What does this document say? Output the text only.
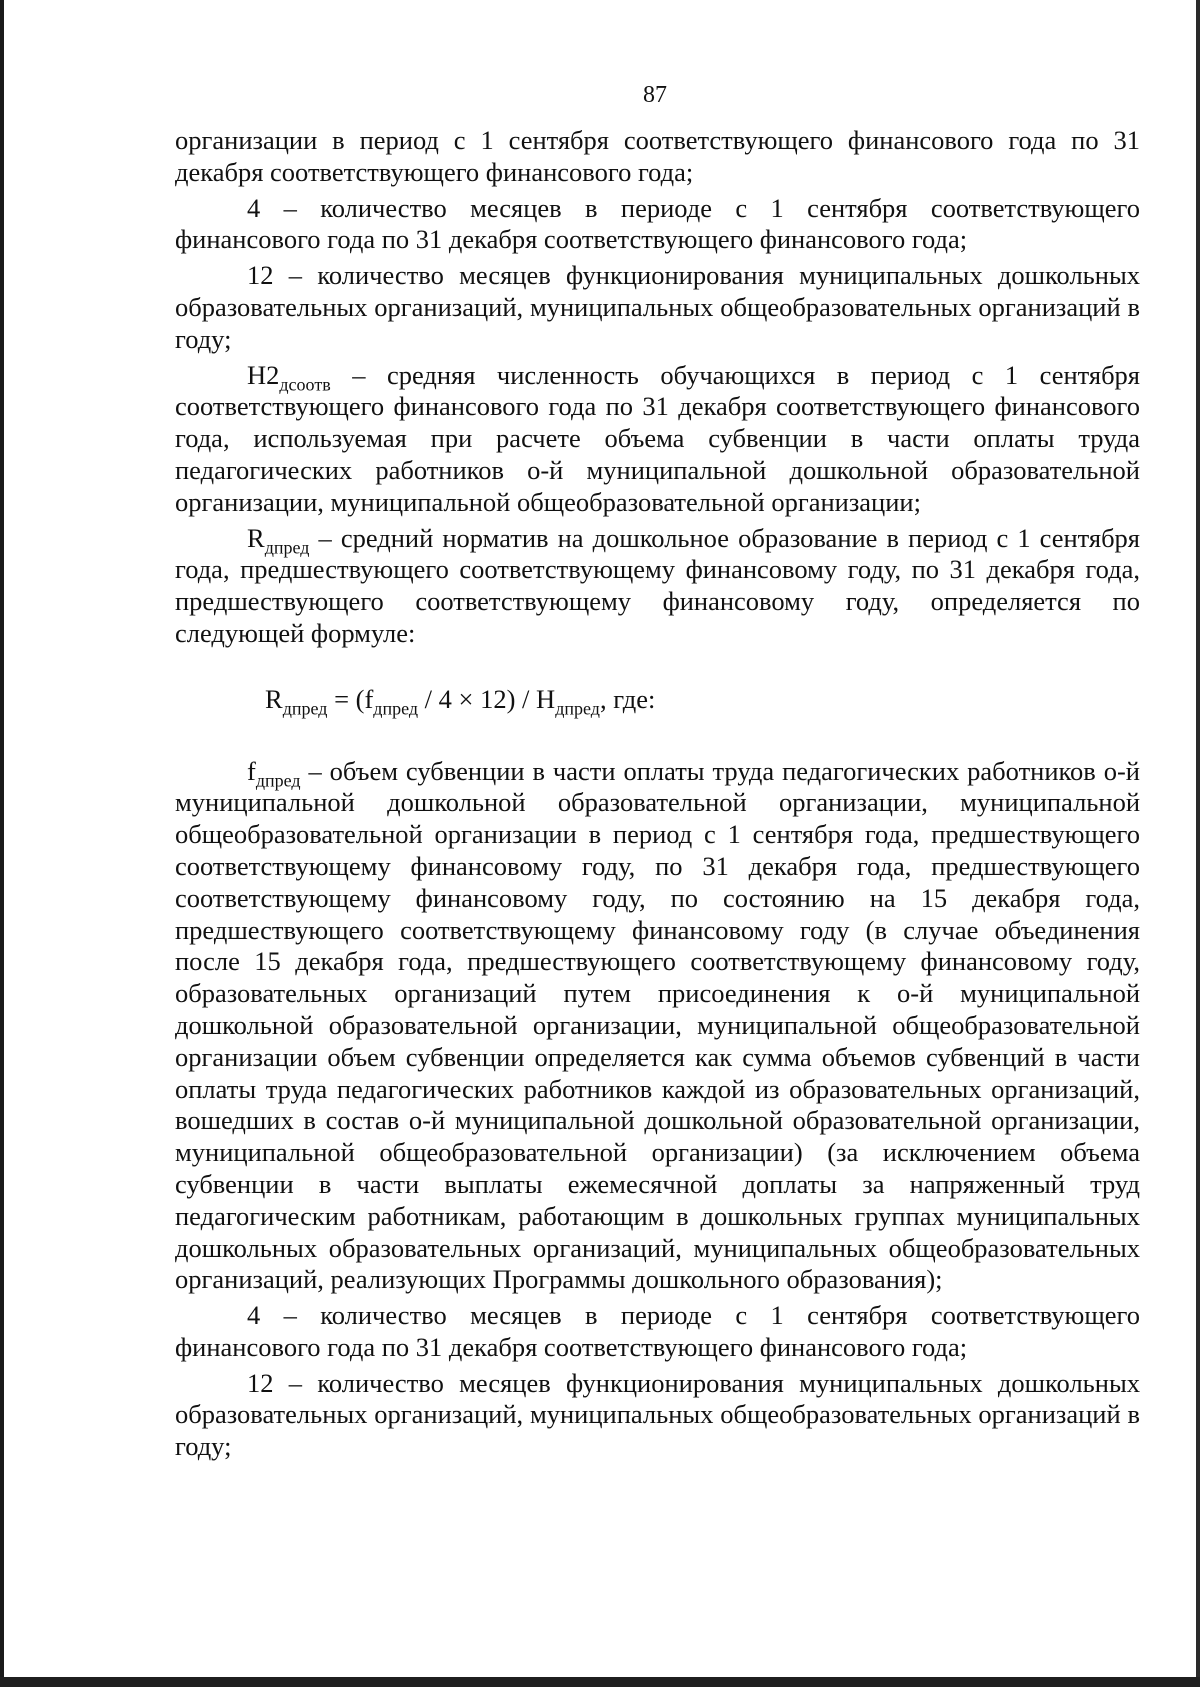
87

организации в период с 1 сентября соответствующего финансового года по 31 декабря соответствующего финансового года;

4 – количество месяцев в периоде с 1 сентября соответствующего финансового года по 31 декабря соответствующего финансового года;

12 – количество месяцев функционирования муниципальных дошкольных образовательных организаций, муниципальных общеобразовательных организаций в году;

$Н2_{дсоотв}$ – средняя численность обучающихся в период с 1 сентября соответствующего финансового года по 31 декабря соответствующего финансового года, используемая при расчете объема субвенции в части оплаты труда педагогических работников о-й муниципальной дошкольной образовательной организации, муниципальной общеобразовательной организации;

$R_{дпред}$ – средний норматив на дошкольное образование в период с 1 сентября года, предшествующего соответствующему финансовому году, по 31 декабря года, предшествующего соответствующему финансовому году, определяется по следующей формуле:

$R_{дпред} = (f_{дпред} / 4 \times 12) / Н_{дпред}$, где:

$f_{дпред}$ – объем субвенции в части оплаты труда педагогических работников о-й муниципальной дошкольной образовательной организации, муниципальной общеобразовательной организации в период с 1 сентября года, предшествующего соответствующему финансовому году, по 31 декабря года, предшествующего соответствующему финансовому году, по состоянию на 15 декабря года, предшествующего соответствующему финансовому году (в случае объединения после 15 декабря года, предшествующего соответствующему финансовому году, образовательных организаций путем присоединения к о-й муниципальной дошкольной образовательной организации, муниципальной общеобразовательной организации объем субвенции определяется как сумма объемов субвенций в части оплаты труда педагогических работников каждой из образовательных организаций, вошедших в состав о-й муниципальной дошкольной образовательной организации, муниципальной общеобразовательной организации) (за исключением объема субвенции в части выплаты ежемесячной доплаты за напряженный труд педагогическим работникам, работающим в дошкольных группах муниципальных дошкольных образовательных организаций, муниципальных общеобразовательных организаций, реализующих Программы дошкольного образования);

4 – количество месяцев в периоде с 1 сентября соответствующего финансового года по 31 декабря соответствующего финансового года;

12 – количество месяцев функционирования муниципальных дошкольных образовательных организаций, муниципальных общеобразовательных организаций в году;
